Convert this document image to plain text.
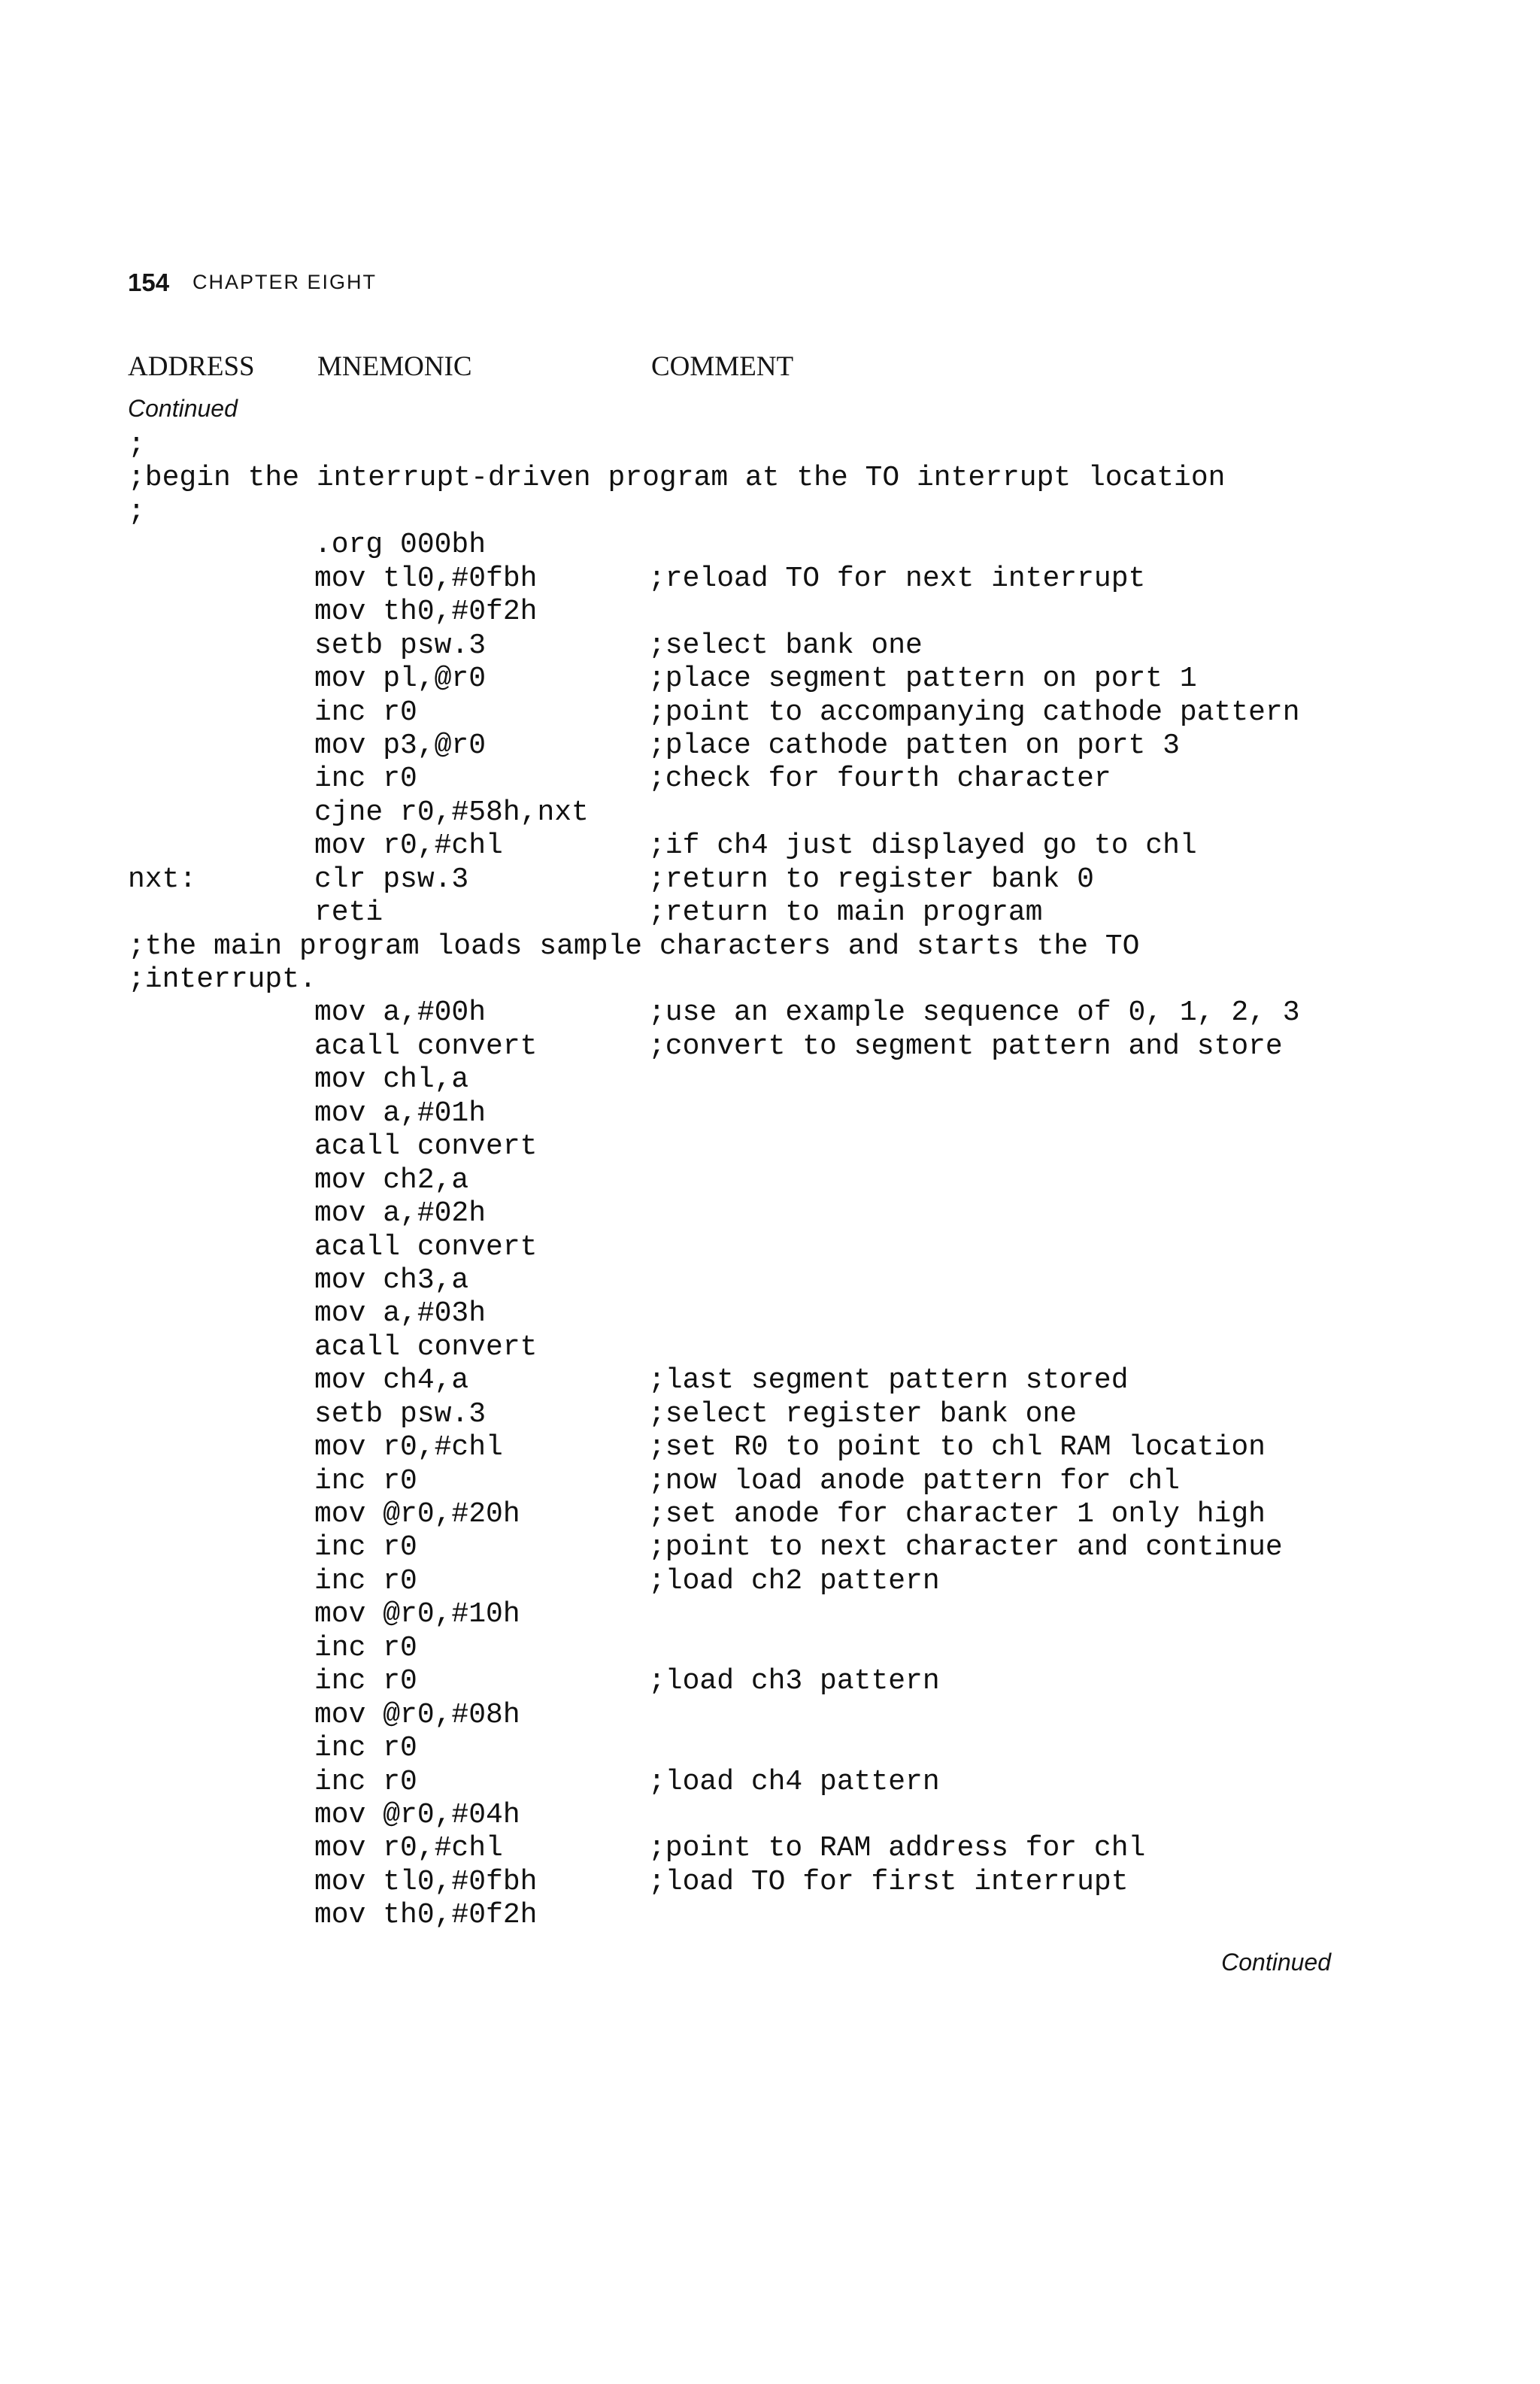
154 CHAPTER EIGHT
ADDRESS MNEMONIC	COMMENT
Continued
;
;begin the interrupt-driven program at the TO interrupt location
;
.org 000bh
mov tl0,#0fbh	;reload TO for next interrupt
mov th0,#0f2h
setb psw.3	;select bank one
mov pl,@r0	;place segment pattern on port 1
inc r0	;point to accompanying cathode pattern
mov p3,@r0	;place cathode patten on port 3
inc r0	;check for fourth character
cjne r0,#58h,nxt
mov r0,#chl	;if ch4 just displayed go to chl
nxt:	clr psw.3	;return to register bank 0
reti	;return to main program
;the main program loads sample characters and starts the TO
;interrupt.
mov a,#00h	;use an example sequence of 0, 1, 2, 3
acall convert	;convert to segment pattern and store
mov chl,a
mov a,#01h
acall convert
mov ch2,a
mov a,#02h
acall convert
mov ch3,a
mov a,#03h
acall convert
mov ch4,a	;last segment pattern stored
setb psw.3	;select register bank one
mov r0,#chl	;set R0 to point to chl RAM location
inc r0	;now load anode pattern for chl
mov @r0,#20h	;set anode for character 1 only high
inc r0	;point to next character and continue
inc r0	;load ch2 pattern
mov @r0,#10h
inc r0
inc r0	;load ch3 pattern
mov @r0,#08h
inc r0
inc r0	;load ch4 pattern
mov @r0,#04h
mov r0,#chl	;point to RAM address for chl
mov tl0,#0fbh	;load TO for first interrupt
mov th0,#0f2h
Continued
